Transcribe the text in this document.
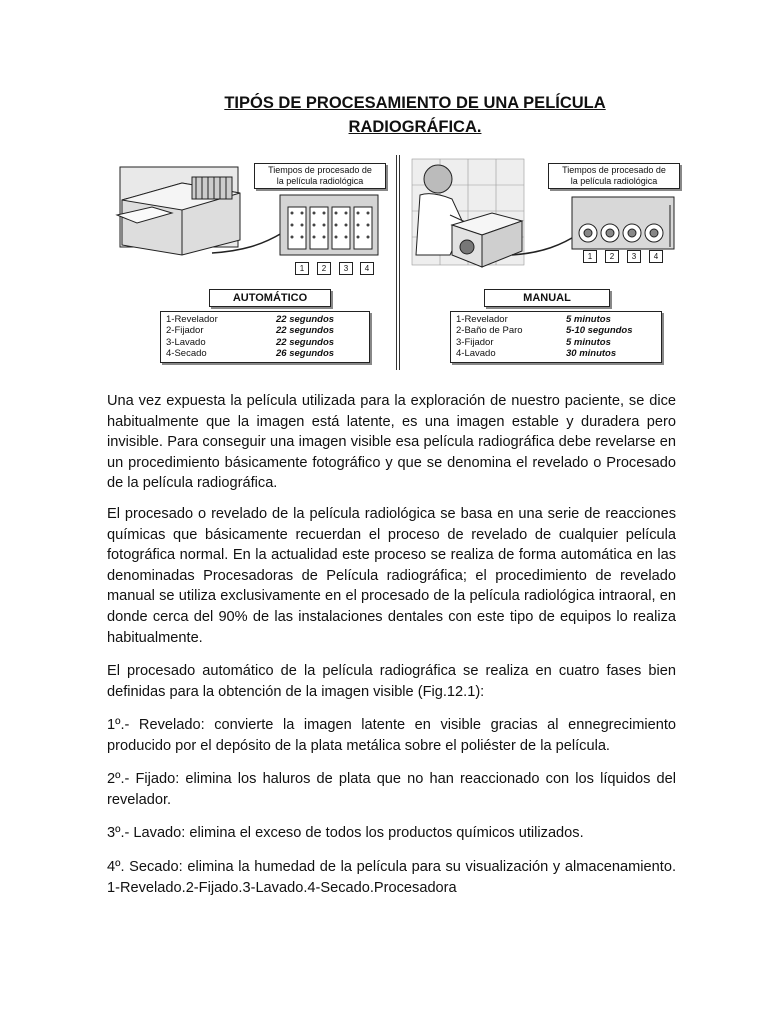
TIPÓS DE PROCESAMIENTO DE UNA PELÍCULA
RADIOGRÁFICA.
Tiempos de procesado de
la película radiológica
1	2	3	4
AUTOMÁTICO
1-Revelador	22 segundos
2-Fijador	22 segundos
3-Lavado	22 segundos
4-Secado	26 segundos
Tiempos de procesado de
la película radiológica
1	2	3	4
MANUAL
1-Revelador	5 minutos
2-Baño de Paro	5-10 segundos
3-Fijador	5 minutos
4-Lavado	30 minutos
Una vez expuesta la película utilizada para la exploración de nuestro paciente, se dice habitualmente que la imagen está latente, es una imagen estable y duradera pero invisible. Para conseguir una imagen visible esa película radiográfica debe revelarse en un procedimiento básicamente fotográfico y que se denomina el revelado o Procesado de la película radiográfica.
El procesado o revelado de la película radiológica se basa en una serie de reacciones químicas que básicamente recuerdan el proceso de revelado de cualquier película fotográfica normal. En la actualidad este proceso se realiza de forma automática en las denominadas Procesadoras de Película radiográfica; el procedimiento de revelado manual se utiliza exclusivamente en el procesado de la película radiológica intraoral, en donde cerca del 90% de las instalaciones dentales con este tipo de equipos lo realiza habitualmente.
El procesado automático de la película radiográfica se realiza en cuatro fases bien definidas para la obtención de la imagen visible (Fig.12.1):
1º.- Revelado: convierte la imagen latente en visible gracias al ennegrecimiento producido por el depósito de la plata metálica sobre el poliéster de la película.
2º.- Fijado: elimina los haluros de plata que no han reaccionado con los líquidos del revelador.
3º.- Lavado: elimina el exceso de todos los productos químicos utilizados.
4º. Secado: elimina la humedad de la película para su visualización y almacenamiento. 1-Revelado.2-Fijado.3-Lavado.4-Secado.Procesadora
